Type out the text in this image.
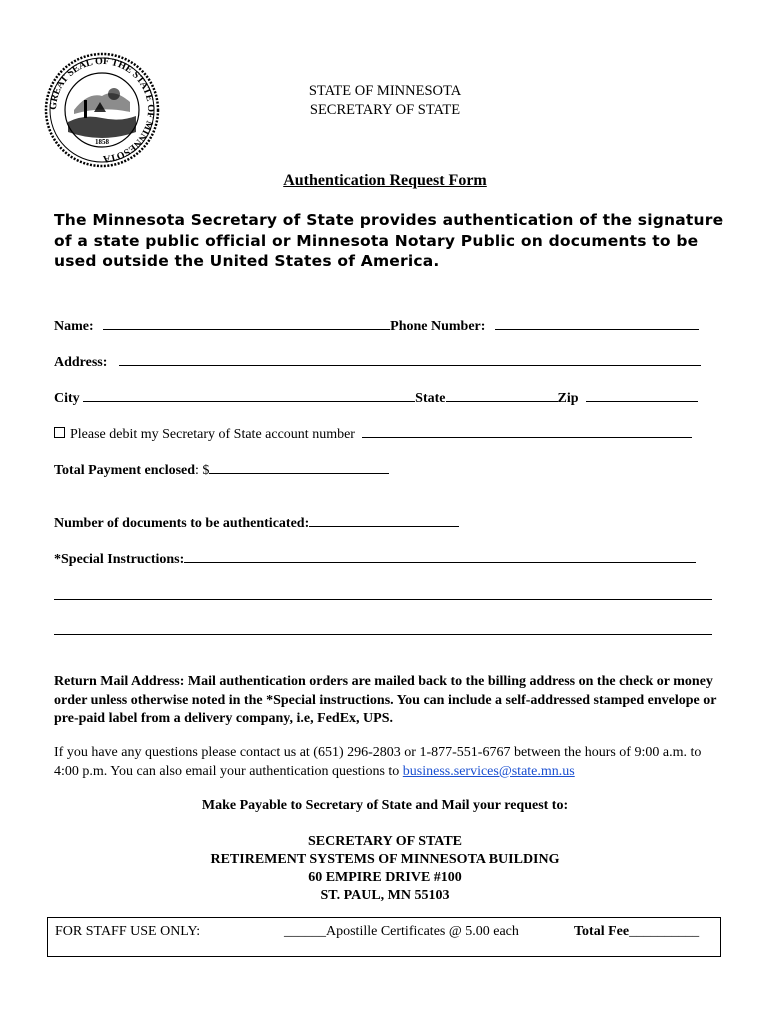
GREAT SEAL OF THE STATE OF MINNESOTA
1858
STATE OF MINNESOTA
SECRETARY OF STATE
Authentication Request Form
The Minnesota Secretary of State provides authentication of the signature of a state public official or Minnesota Notary Public on documents to be used outside the United States of America.
Name:	Phone Number:
Address:
City	State	Zip
Please debit my Secretary of State account number
Total Payment enclosed: $
Number of documents to be authenticated:
*Special Instructions:
Return Mail Address: Mail authentication orders are mailed back to the billing address on the check or money order unless otherwise noted in the *Special instructions. You can include a self-addressed stamped envelope or pre-paid label from a delivery company, i.e, FedEx, UPS.
If you have any questions please contact us at (651) 296-2803 or 1-877-551-6767 between the hours of 9:00 a.m. to 4:00 p.m. You can also email your authentication questions to business.services@state.mn.us
Make Payable to Secretary of State and Mail your request to:
SECRETARY OF STATE
RETIREMENT SYSTEMS OF MINNESOTA BUILDING
60 EMPIRE DRIVE #100
ST. PAUL, MN 55103
FOR STAFF USE ONLY:	______Apostille Certificates @ 5.00 each	Total Fee__________
